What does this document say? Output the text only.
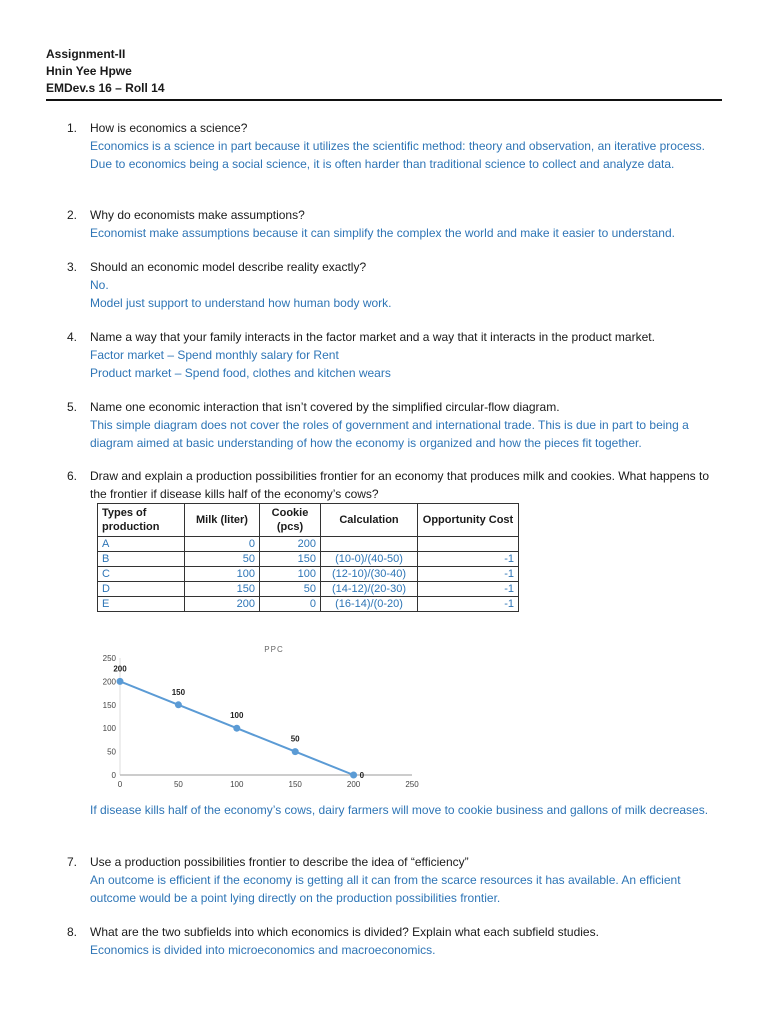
Assignment-II
Hnin Yee Hpwe
EMDev.s 16 – Roll 14
1. How is economics a science?
Economics is a science in part because it utilizes the scientific method: theory and observation, an iterative process. Due to economics being a social science, it is often harder than traditional science to collect and analyze data.
2. Why do economists make assumptions?
Economist make assumptions because it can simplify the complex the world and make it easier to understand.
3. Should an economic model describe reality exactly?
No.
Model just support to understand how human body work.
4. Name a way that your family interacts in the factor market and a way that it interacts in the product market.
Factor market – Spend monthly salary for Rent
Product market – Spend food, clothes and kitchen wears
5. Name one economic interaction that isn’t covered by the simplified circular-flow diagram.
This simple diagram does not cover the roles of government and international trade. This is due in part to being a diagram aimed at basic understanding of how the economy is organized and how the pieces fit together.
6. Draw and explain a production possibilities frontier for an economy that produces milk and cookies. What happens to the frontier if disease kills half of the economy’s cows?
Types of production	Milk (liter)	Cookie (pcs)	Calculation	Opportunity Cost
A	0	200		
B	50	150	(10-0)/(40-50)	-1
C	100	100	(12-10)/(30-40)	-1
D	150	50	(14-12)/(20-30)	-1
E	200	0	(16-14)/(0-20)	-1
PPC
0	50	100	150	200	250
0
50
100
150
200
250
200
150
100
50
0
If disease kills half of the economy’s cows, dairy farmers will move to cookie business and gallons of milk decreases.
7. Use a production possibilities frontier to describe the idea of “efficiency”
An outcome is efficient if the economy is getting all it can from the scarce resources it has available. An efficient outcome would be a point lying directly on the production possibilities frontier.
8. What are the two subfields into which economics is divided? Explain what each subfield studies.
Economics is divided into microeconomics and macroeconomics.
